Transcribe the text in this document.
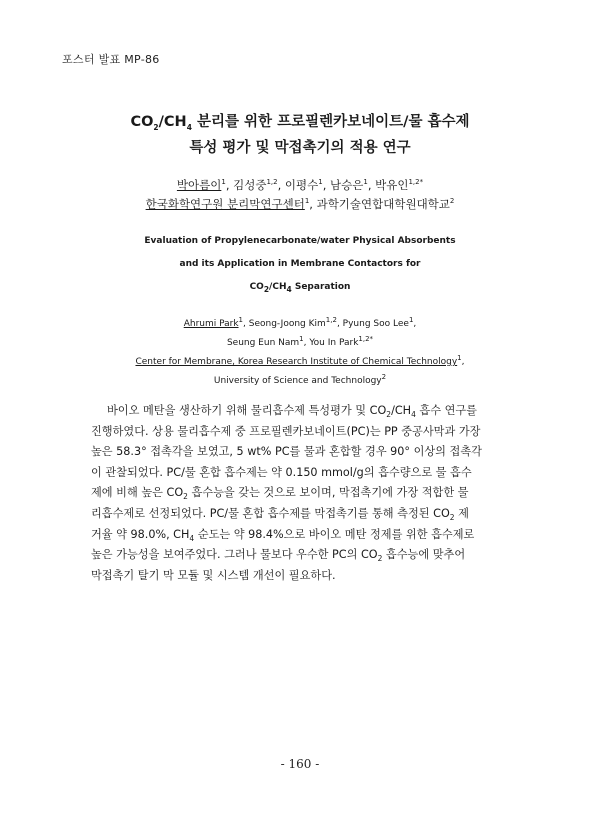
포스터 발표 MP-86
$CO_2/CH_4$ 분리를 위한 프로필렌카보네이트/물 흡수제
특성 평가 및 막접촉기의 적용 연구
박아름이$^1$, 김성중$^{1,2}$, 이평수$^1$, 남승은$^1$, 박유인$^{1,2*}$
한국화학연구원 분리막연구센터$^1$, 과학기술연합대학원대학교$^2$
Evaluation of Propylenecarbonate/water Physical Absorbents
and its Application in Membrane Contactors for
$CO_2/CH_4$ Separation
Ahrumi Park$^1$, Seong-Joong Kim$^{1,2}$, Pyung Soo Lee$^1$,
Seung Eun Nam$^1$, You In Park$^{1,2*}$
Center for Membrane, Korea Research Institute of Chemical Technology$^1$,
University of Science and Technology$^2$
바이오 메탄을 생산하기 위해 물리흡수제 특성평가 및 $CO_2/CH_4$ 흡수 연구를
진행하였다. 상용 물리흡수제 중 프로필렌카보네이트(PC)는 PP 중공사막과 가장
높은 58.3° 접촉각을 보였고, 5 wt% PC를 물과 혼합할 경우 90° 이상의 접촉각
이 관찰되었다. PC/물 혼합 흡수제는 약 0.150 mmol/g의 흡수량으로 물 흡수
제에 비해 높은 $CO_2$ 흡수능을 갖는 것으로 보이며, 막접촉기에 가장 적합한 물
리흡수제로 선정되었다. PC/물 혼합 흡수제를 막접촉기를 통해 측정된 $CO_2$ 제
거율 약 98.0%, $CH_4$ 순도는 약 98.4%으로 바이오 메탄 정제를 위한 흡수제로
높은 가능성을 보여주었다. 그러나 물보다 우수한 PC의 $CO_2$ 흡수능에 맞추어
막접촉기 탈기 막 모듈 및 시스템 개선이 필요하다.
- 160 -
